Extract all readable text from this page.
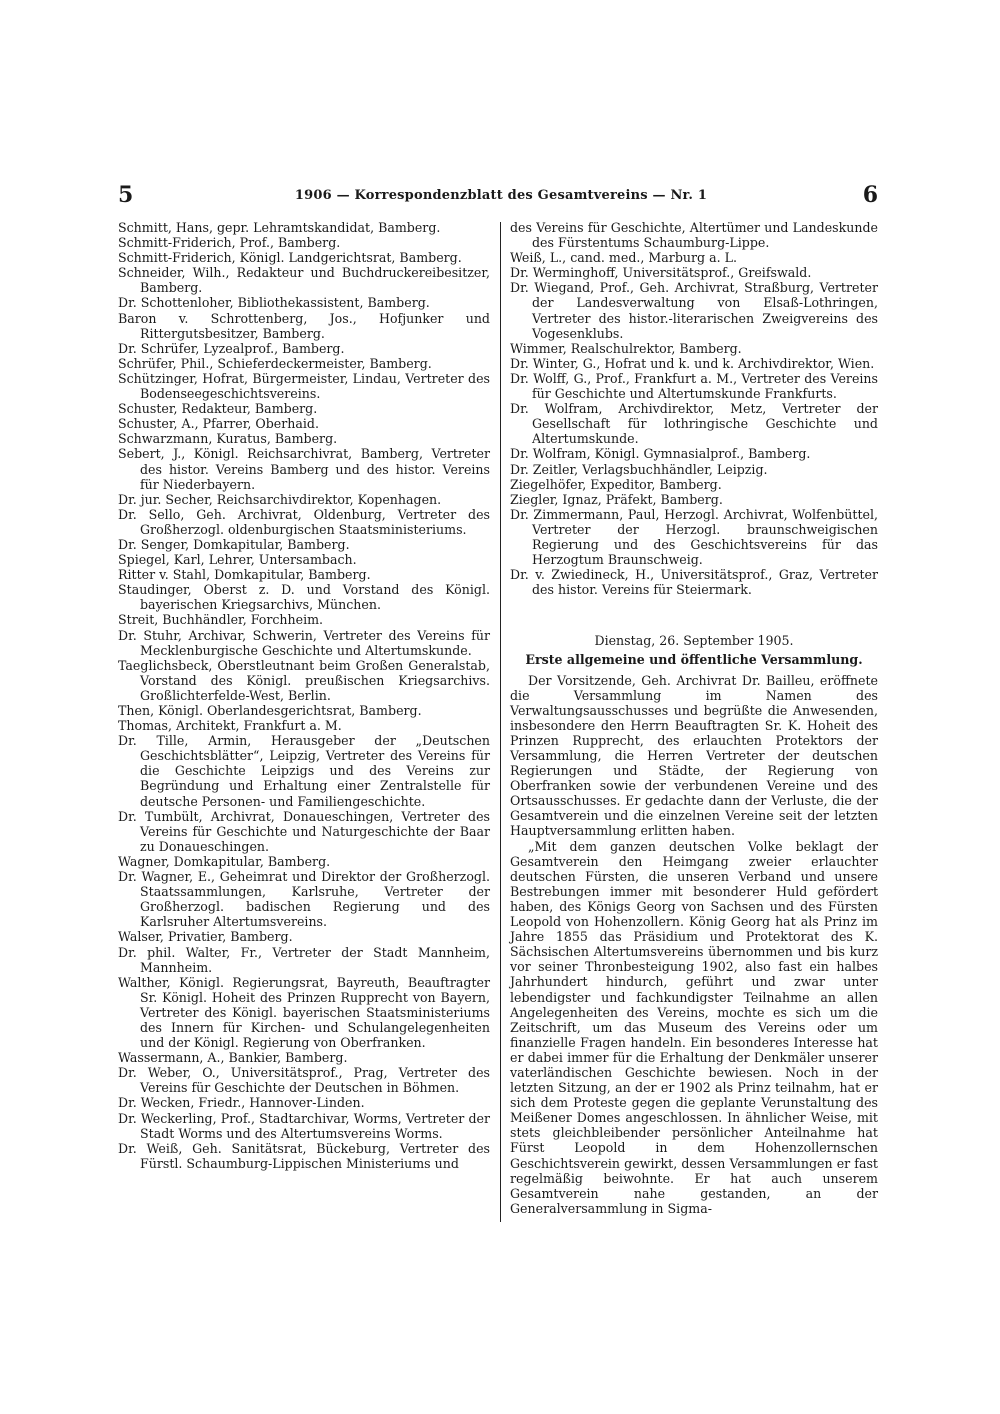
5	1906 — Korrespondenzblatt des Gesamtvereins — Nr. 1	6

Schmitt, Hans, gepr. Lehramtskandidat, Bamberg.

Schmitt-Friderich, Prof., Bamberg.

Schmitt-Friderich, Königl. Landgerichtsrat, Bamberg.

Schneider, Wilh., Redakteur und Buchdruckereibesitzer, Bamberg.

Dr. Schottenloher, Bibliothekassistent, Bamberg.

Baron v. Schrottenberg, Jos., Hofjunker und Rittergutsbesitzer, Bamberg.

Dr. Schrüfer, Lyzealprof., Bamberg.

Schrüfer, Phil., Schieferdeckermeister, Bamberg.

Schützinger, Hofrat, Bürgermeister, Lindau, Vertreter des Bodenseegeschichtsvereins.

Schuster, Redakteur, Bamberg.

Schuster, A., Pfarrer, Oberhaid.

Schwarzmann, Kuratus, Bamberg.

Sebert, J., Königl. Reichsarchivrat, Bamberg, Vertreter des histor. Vereins Bamberg und des histor. Vereins für Niederbayern.

Dr. jur. Secher, Reichsarchivdirektor, Kopenhagen.

Dr. Sello, Geh. Archivrat, Oldenburg, Vertreter des Großherzogl. oldenburgischen Staatsministeriums.

Dr. Senger, Domkapitular, Bamberg.

Spiegel, Karl, Lehrer, Untersambach.

Ritter v. Stahl, Domkapitular, Bamberg.

Staudinger, Oberst z. D. und Vorstand des Königl. bayerischen Kriegsarchivs, München.

Streit, Buchhändler, Forchheim.

Dr. Stuhr, Archivar, Schwerin, Vertreter des Vereins für Mecklenburgische Geschichte und Altertumskunde.

Taeglichsbeck, Oberstleutnant beim Großen Generalstab, Vorstand des Königl. preußischen Kriegsarchivs. Großlichterfelde-West, Berlin.

Then, Königl. Oberlandesgerichtsrat, Bamberg.

Thomas, Architekt, Frankfurt a. M.

Dr. Tille, Armin, Herausgeber der „Deutschen Geschichtsblätter“, Leipzig, Vertreter des Vereins für die Geschichte Leipzigs und des Vereins zur Begründung und Erhaltung einer Zentralstelle für deutsche Personen- und Familiengeschichte.

Dr. Tumbült, Archivrat, Donaueschingen, Vertreter des Vereins für Geschichte und Naturgeschichte der Baar zu Donaueschingen.

Wagner, Domkapitular, Bamberg.

Dr. Wagner, E., Geheimrat und Direktor der Großherzogl. Staatssammlungen, Karlsruhe, Vertreter der Großherzogl. badischen Regierung und des Karlsruher Altertumsvereins.

Walser, Privatier, Bamberg.

Dr. phil. Walter, Fr., Vertreter der Stadt Mannheim, Mannheim.

Walther, Königl. Regierungsrat, Bayreuth, Beauftragter Sr. Königl. Hoheit des Prinzen Rupprecht von Bayern, Vertreter des Königl. bayerischen Staatsministeriums des Innern für Kirchen- und Schulangelegenheiten und der Königl. Regierung von Oberfranken.

Wassermann, A., Bankier, Bamberg.

Dr. Weber, O., Universitätsprof., Prag, Vertreter des Vereins für Geschichte der Deutschen in Böhmen.

Dr. Wecken, Friedr., Hannover-Linden.

Dr. Weckerling, Prof., Stadtarchivar, Worms, Vertreter der Stadt Worms und des Altertumsvereins Worms.

Dr. Weiß, Geh. Sanitätsrat, Bückeburg, Vertreter des Fürstl. Schaumburg-Lippischen Ministeriums und

des Vereins für Geschichte, Altertümer und Landeskunde des Fürstentums Schaumburg-Lippe.

Weiß, L., cand. med., Marburg a. L.

Dr. Werminghoff, Universitätsprof., Greifswald.

Dr. Wiegand, Prof., Geh. Archivrat, Straßburg, Vertreter der Landesverwaltung von Elsaß-Lothringen, Vertreter des histor.-literarischen Zweigvereins des Vogesenklubs.

Wimmer, Realschulrektor, Bamberg.

Dr. Winter, G., Hofrat und k. und k. Archivdirektor, Wien.

Dr. Wolff, G., Prof., Frankfurt a. M., Vertreter des Vereins für Geschichte und Altertumskunde Frankfurts.

Dr. Wolfram, Archivdirektor, Metz, Vertreter der Gesellschaft für lothringische Geschichte und Altertumskunde.

Dr. Wolfram, Königl. Gymnasialprof., Bamberg.

Dr. Zeitler, Verlagsbuchhändler, Leipzig.

Ziegelhöfer, Expeditor, Bamberg.

Ziegler, Ignaz, Präfekt, Bamberg.

Dr. Zimmermann, Paul, Herzogl. Archivrat, Wolfenbüttel, Vertreter der Herzogl. braunschweigischen Regierung und des Geschichtsvereins für das Herzogtum Braunschweig.

Dr. v. Zwiedineck, H., Universitätsprof., Graz, Vertreter des histor. Vereins für Steiermark.

Dienstag, 26. September 1905.
Erste allgemeine und öffentliche Versammlung.

Der Vorsitzende, Geh. Archivrat Dr. Bailleu, eröffnete die Versammlung im Namen des Verwaltungsausschusses und begrüßte die Anwesenden, insbesondere den Herrn Beauftragten Sr. K. Hoheit des Prinzen Rupprecht, des erlauchten Protektors der Versammlung, die Herren Vertreter der deutschen Regierungen und Städte, der Regierung von Oberfranken sowie der verbundenen Vereine und des Ortsausschusses. Er gedachte dann der Verluste, die der Gesamtverein und die einzelnen Vereine seit der letzten Hauptversammlung erlitten haben.

„Mit dem ganzen deutschen Volke beklagt der Gesamtverein den Heimgang zweier erlauchter deutschen Fürsten, die unseren Verband und unsere Bestrebungen immer mit besonderer Huld gefördert haben, des Königs Georg von Sachsen und des Fürsten Leopold von Hohenzollern. König Georg hat als Prinz im Jahre 1855 das Präsidium und Protektorat des K. Sächsischen Altertumsvereins übernommen und bis kurz vor seiner Thronbesteigung 1902, also fast ein halbes Jahrhundert hindurch, geführt und zwar unter lebendigster und fachkundigster Teilnahme an allen Angelegenheiten des Vereins, mochte es sich um die Zeitschrift, um das Museum des Vereins oder um finanzielle Fragen handeln. Ein besonderes Interesse hat er dabei immer für die Erhaltung der Denkmäler unserer vaterländischen Geschichte bewiesen. Noch in der letzten Sitzung, an der er 1902 als Prinz teilnahm, hat er sich dem Proteste gegen die geplante Verunstaltung des Meißener Domes angeschlossen. In ähnlicher Weise, mit stets gleichbleibender persönlicher Anteilnahme hat Fürst Leopold in dem Hohenzollernschen Geschichtsverein gewirkt, dessen Versammlungen er fast regelmäßig beiwohnte. Er hat auch unserem Gesamtverein nahe gestanden, an der Generalversammlung in Sigma-
